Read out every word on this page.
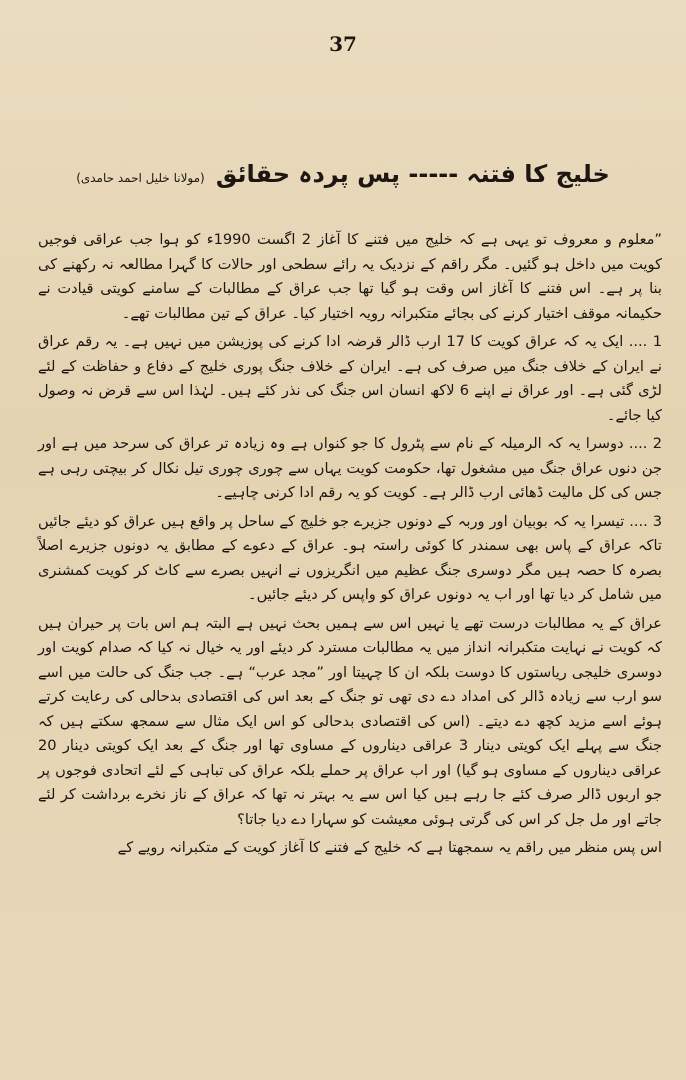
37
خلیج کا فتنہ ----- پس پردہ حقائق (مولانا خلیل احمد حامدی)

”معلوم و معروف تو یہی ہے کہ خلیج میں فتنے کا آغاز 2 اگست 1990ء کو ہوا جب عراقی فوجیں کویت میں داخل ہو گئیں۔ مگر راقم کے نزدیک یہ رائے سطحی اور حالات کا گہرا مطالعہ نہ رکھنے کی بنا پر ہے۔ اس فتنے کا آغاز اس وقت ہو گیا تھا جب عراق کے مطالبات کے سامنے کویتی قیادت نے حکیمانہ موقف اختیار کرنے کی بجائے متکبرانہ رویہ اختیار کیا۔ عراق کے تین مطالبات تھے۔

1 .... ایک یہ کہ عراق کویت کا 17 ارب ڈالر قرضہ ادا کرنے کی پوزیشن میں نہیں ہے۔ یہ رقم عراق نے ایران کے خلاف جنگ میں صرف کی ہے۔ ایران کے خلاف جنگ پوری خلیج کے دفاع و حفاظت کے لئے لڑی گئی ہے۔ اور عراق نے اپنے 6 لاکھ انسان اس جنگ کی نذر کئے ہیں۔ لہٰذا اس سے قرض نہ وصول کیا جائے۔

2 .... دوسرا یہ کہ الرمیلہ کے نام سے پٹرول کا جو کنواں ہے وہ زیادہ تر عراق کی سرحد میں ہے اور جن دنوں عراق جنگ میں مشغول تھا، حکومت کویت یہاں سے چوری چوری تیل نکال کر بیچتی رہی ہے جس کی کل مالیت ڈھائی ارب ڈالر ہے۔ کویت کو یہ رقم ادا کرنی چاہیے۔

3 .... تیسرا یہ کہ بوبیان اور وربہ کے دونوں جزیرے جو خلیج کے ساحل پر واقع ہیں عراق کو دیئے جائیں تاکہ عراق کے پاس بھی سمندر کا کوئی راستہ ہو۔ عراق کے دعوے کے مطابق یہ دونوں جزیرے اصلاً بصرہ کا حصہ ہیں مگر دوسری جنگ عظیم میں انگریزوں نے انہیں بصرے سے کاٹ کر کویت کمشنری میں شامل کر دیا تھا اور اب یہ دونوں عراق کو واپس کر دیئے جائیں۔

عراق کے یہ مطالبات درست تھے یا نہیں اس سے ہمیں بحث نہیں ہے البتہ ہم اس بات پر حیران ہیں کہ کویت نے نہایت متکبرانہ انداز میں یہ مطالبات مسترد کر دیئے اور یہ خیال نہ کیا کہ صدام کویت اور دوسری خلیجی ریاستوں کا دوست بلکہ ان کا چہیتا اور ”مجد عرب“ ہے۔ جب جنگ کی حالت میں اسے سو ارب سے زیادہ ڈالر کی امداد دے دی تھی تو جنگ کے بعد اس کی اقتصادی بدحالی کی رعایت کرتے ہوئے اسے مزید کچھ دے دیتے۔ (اس کی اقتصادی بدحالی کو اس ایک مثال سے سمجھ سکتے ہیں کہ جنگ سے پہلے ایک کویتی دینار 3 عراقی دیناروں کے مساوی تھا اور جنگ کے بعد ایک کویتی دینار 20 عراقی دیناروں کے مساوی ہو گیا) اور اب عراق پر حملے بلکہ عراق کی تباہی کے لئے اتحادی فوجوں پر جو اربوں ڈالر صرف کئے جا رہے ہیں کیا اس سے یہ بہتر نہ تھا کہ عراق کے ناز نخرے برداشت کر لئے جاتے اور مل جل کر اس کی گرتی ہوئی معیشت کو سہارا دے دیا جاتا؟

اس پس منظر میں راقم یہ سمجھتا ہے کہ خلیج کے فتنے کا آغاز کویت کے متکبرانہ رویے کے
